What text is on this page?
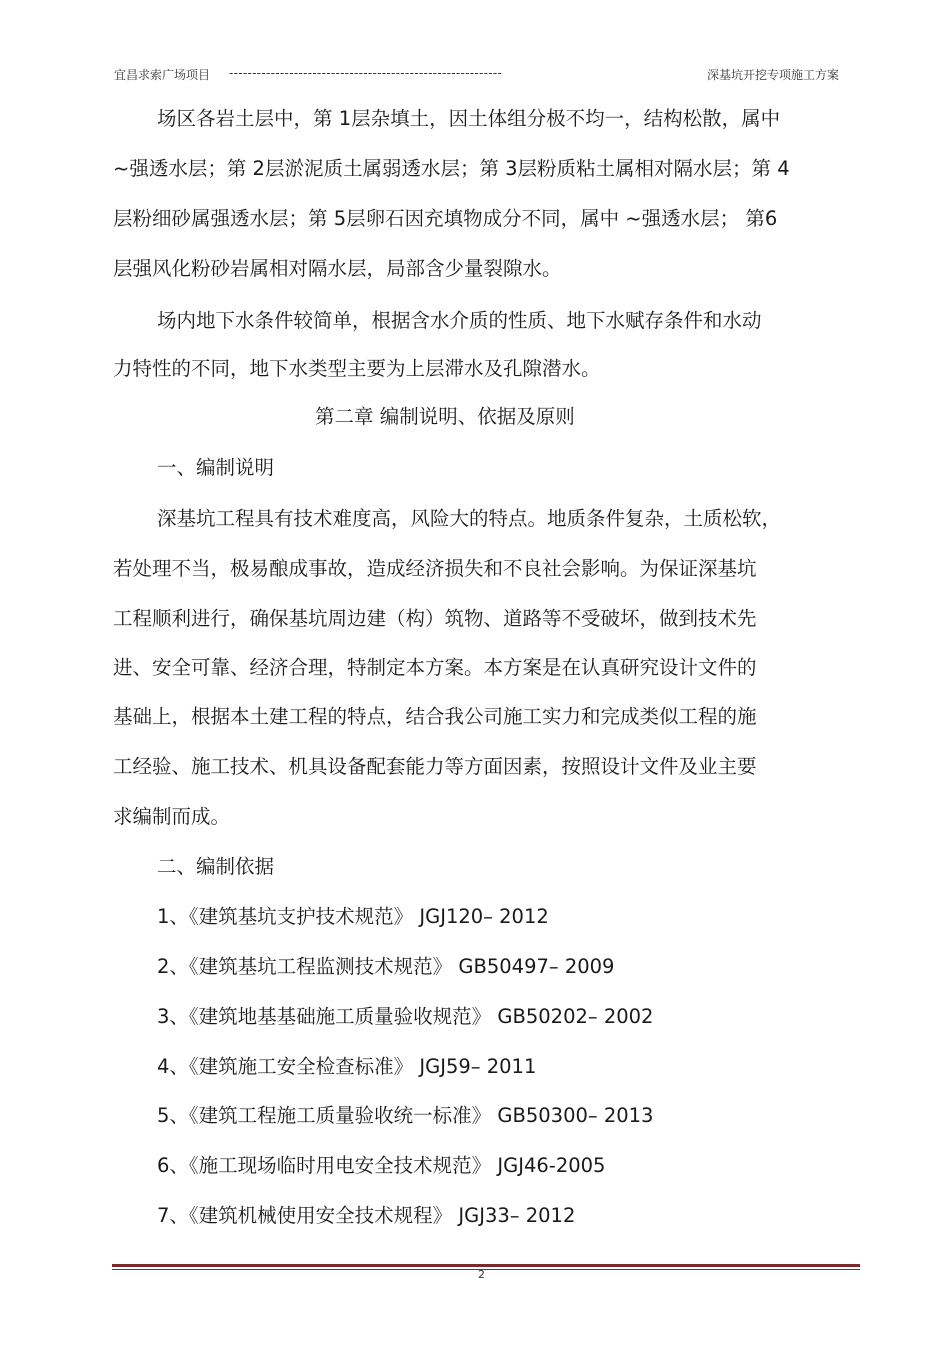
宜昌求索广场项目 -----------------------------------------------------------	深基坑开挖专项施工方案
场区各岩土层中，第 1层杂填土，因土体组分极不均一，结构松散，属中
~强透水层；第 2层淤泥质土属弱透水层；第 3层粉质粘土属相对隔水层；第 4
层粉细砂属强透水层；第 5层卵石因充填物成分不同，属中 ~强透水层； 第6
层强风化粉砂岩属相对隔水层，局部含少量裂隙水。
场内地下水条件较简单，根据含水介质的性质、地下水赋存条件和水动
力特性的不同，地下水类型主要为上层滞水及孔隙潜水。
第二章 编制说明、依据及原则
一、编制说明
深基坑工程具有技术难度高，风险大的特点。地质条件复杂，土质松软，
若处理不当，极易酿成事故，造成经济损失和不良社会影响。为保证深基坑
工程顺利进行，确保基坑周边建（构）筑物、道路等不受破坏，做到技术先
进、安全可靠、经济合理，特制定本方案。本方案是在认真研究设计文件的
基础上，根据本土建工程的特点，结合我公司施工实力和完成类似工程的施
工经验、施工技术、机具设备配套能力等方面因素，按照设计文件及业主要
求编制而成。
二、编制依据
1、《建筑基坑支护技术规范》 JGJ120– 2012
2、《建筑基坑工程监测技术规范》 GB50497– 2009
3、《建筑地基基础施工质量验收规范》 GB50202– 2002
4、《建筑施工安全检查标准》 JGJ59– 2011
5、《建筑工程施工质量验收统一标准》 GB50300– 2013
6、《施工现场临时用电安全技术规范》 JGJ46-2005
7、《建筑机械使用安全技术规程》 JGJ33– 2012
2
